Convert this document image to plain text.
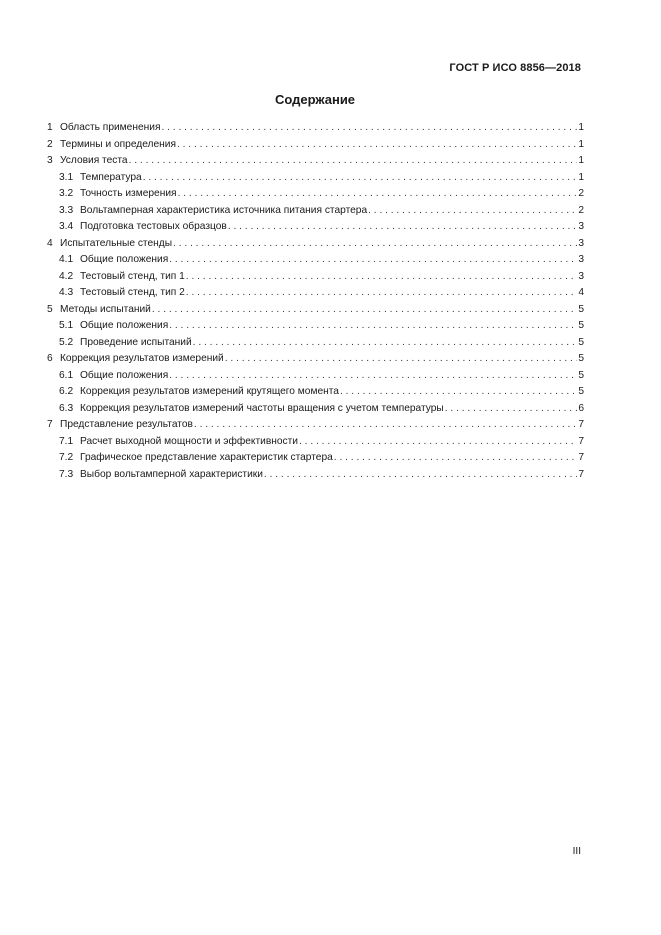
ГОСТ Р ИСО 8856—2018
Содержание
1 Область применения . . .	1
2 Термины и определения . . .	1
3 Условия теста . . .	1
3.1 Температура . . .	1
3.2 Точность измерения . . .	2
3.3 Вольтамперная характеристика источника питания стартера . . .	2
3.4 Подготовка тестовых образцов . . .	3
4 Испытательные стенды . . .	3
4.1 Общие положения . . .	3
4.2 Тестовый стенд, тип 1 . . .	3
4.3 Тестовый стенд, тип 2 . . .	4
5 Методы испытаний . . .	5
5.1 Общие положения . . .	5
5.2 Проведение испытаний . . .	5
6 Коррекция результатов измерений . . .	5
6.1 Общие положения . . .	5
6.2 Коррекция результатов измерений крутящего момента . . .	5
6.3 Коррекция результатов измерений частоты вращения с учетом температуры . . .	6
7 Представление результатов . . .	7
7.1 Расчет выходной мощности и эффективности . . .	7
7.2 Графическое представление характеристик стартера . . .	7
7.3 Выбор вольтамперной характеристики . . .	7
III
